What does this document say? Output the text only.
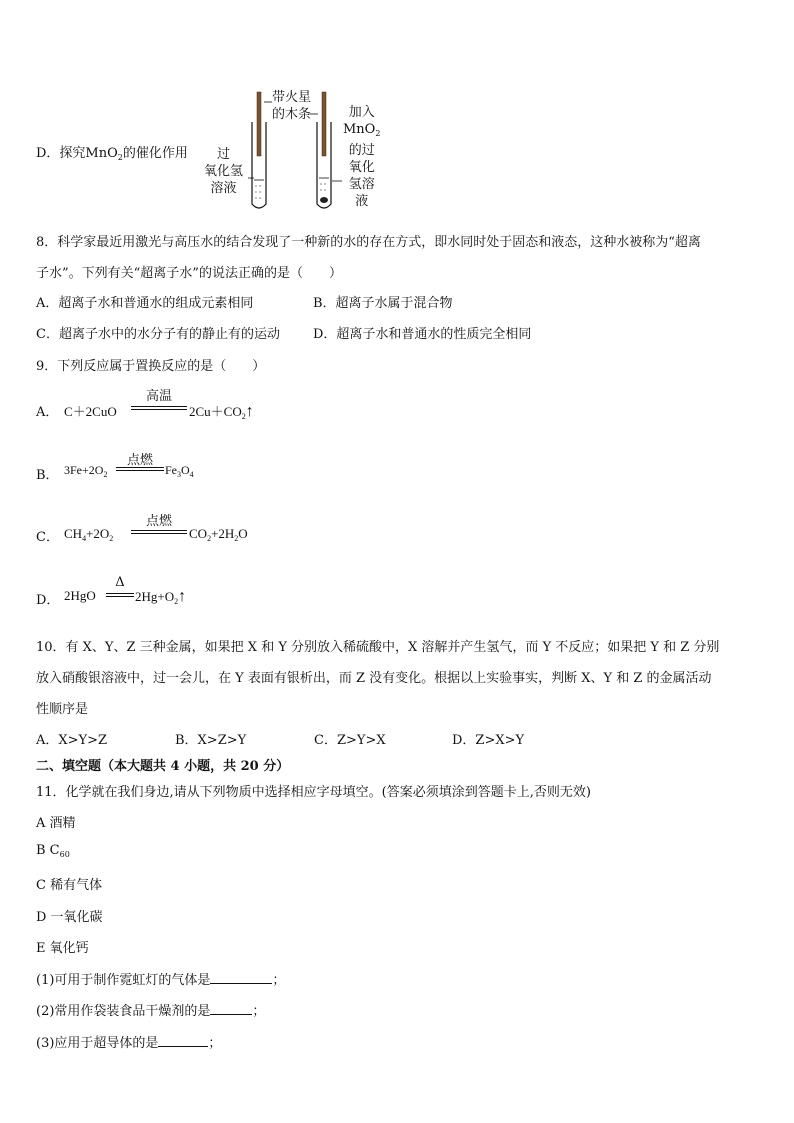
D．探究MnO$_2$的催化作用
带火星
的木条
过
氧化氢
溶液
加入
MnO$_2$
的过
氧化
氢溶
液
8．科学家最近用激光与高压水的结合发现了一种新的水的存在方式，即水同时处于固态和液态，这种水被称为“超离
子水”。下列有关“超离子水”的说法正确的是（　　）
A．超离子水和普通水的组成元素相同	B．超离子水属于混合物
C．超离子水中的水分子有的静止有的运动	D．超离子水和普通水的性质完全相同
9．下列反应属于置换反应的是（　　）
A． C＋2CuO
高温
$2Cu+CO_2↑$
B． $3Fe+2O_2$
点燃
$Fe_3O_4$
C． $CH_4+2O_2$
点燃
$CO_2+2H_2O$
D． 2HgO
Δ
$2Hg+O_2↑$
10．有 X、Y、Z 三种金属，如果把 X 和 Y 分别放入稀硫酸中，X 溶解并产生氢气，而 Y 不反应；如果把 Y 和 Z 分别
放入硝酸银溶液中，过一会儿，在 Y 表面有银析出，而 Z 没有变化。根据以上实验事实，判断 X、Y 和 Z 的金属活动
性顺序是
A．X>Y>Z	B．X>Z>Y	C．Z>Y>X	D．Z>X>Y
二、填空题（本大题共 4 小题，共 20 分）
11．化学就在我们身边,请从下列物质中选择相应字母填空。(答案必须填涂到答题卡上,否则无效)
A 酒精
B $C_{60}$
C 稀有气体
D 一氧化碳
E 氧化钙
(1)可用于制作霓虹灯的气体是	；
(2)常用作袋装食品干燥剂的是	；
(3)应用于超导体的是	；
